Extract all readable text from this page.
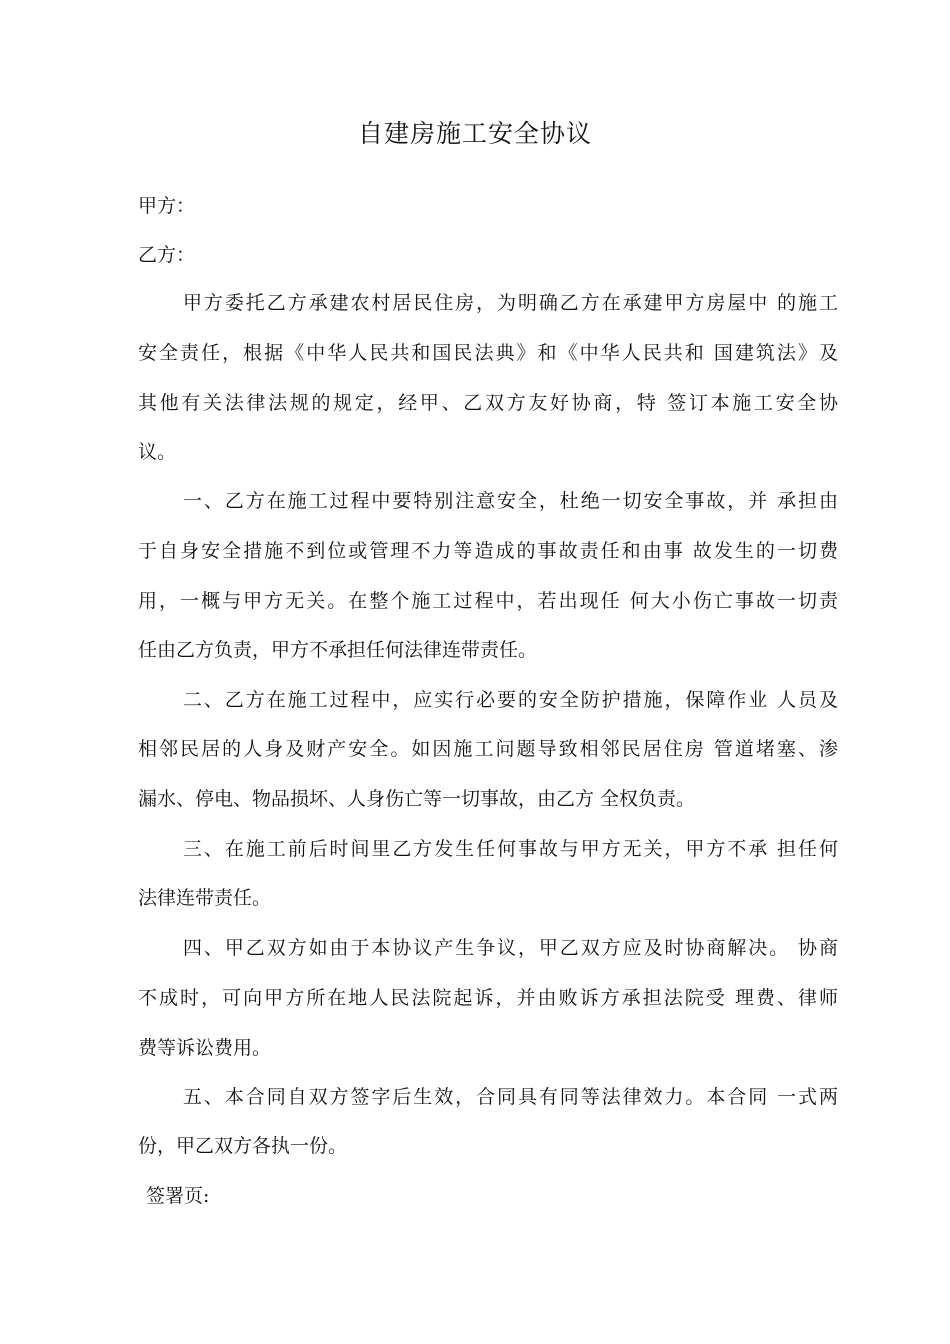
自建房施工安全协议
甲方：
乙方：
甲方委托乙方承建农村居民住房，为明确乙方在承建甲方房屋中 的施工
安全责任，根据《中华人民共和国民法典》和《中华人民共和 国建筑法》及
其他有关法律法规的规定，经甲、乙双方友好协商，特 签订本施工安全协
议。
一、乙方在施工过程中要特别注意安全，杜绝一切安全事故，并 承担由
于自身安全措施不到位或管理不力等造成的事故责任和由事 故发生的一切费
用，一概与甲方无关。在整个施工过程中，若出现任 何大小伤亡事故一切责
任由乙方负责，甲方不承担任何法律连带责任。
二、乙方在施工过程中，应实行必要的安全防护措施，保障作业 人员及
相邻民居的人身及财产安全。如因施工问题导致相邻民居住房 管道堵塞、渗
漏水、停电、物品损坏、人身伤亡等一切事故，由乙方 全权负责。
三、在施工前后时间里乙方发生任何事故与甲方无关，甲方不承 担任何
法律连带责任。
四、甲乙双方如由于本协议产生争议，甲乙双方应及时协商解决。 协商
不成时，可向甲方所在地人民法院起诉，并由败诉方承担法院受 理费、律师
费等诉讼费用。
五、本合同自双方签字后生效，合同具有同等法律效力。本合同 一式两
份，甲乙双方各执一份。
签署页:
